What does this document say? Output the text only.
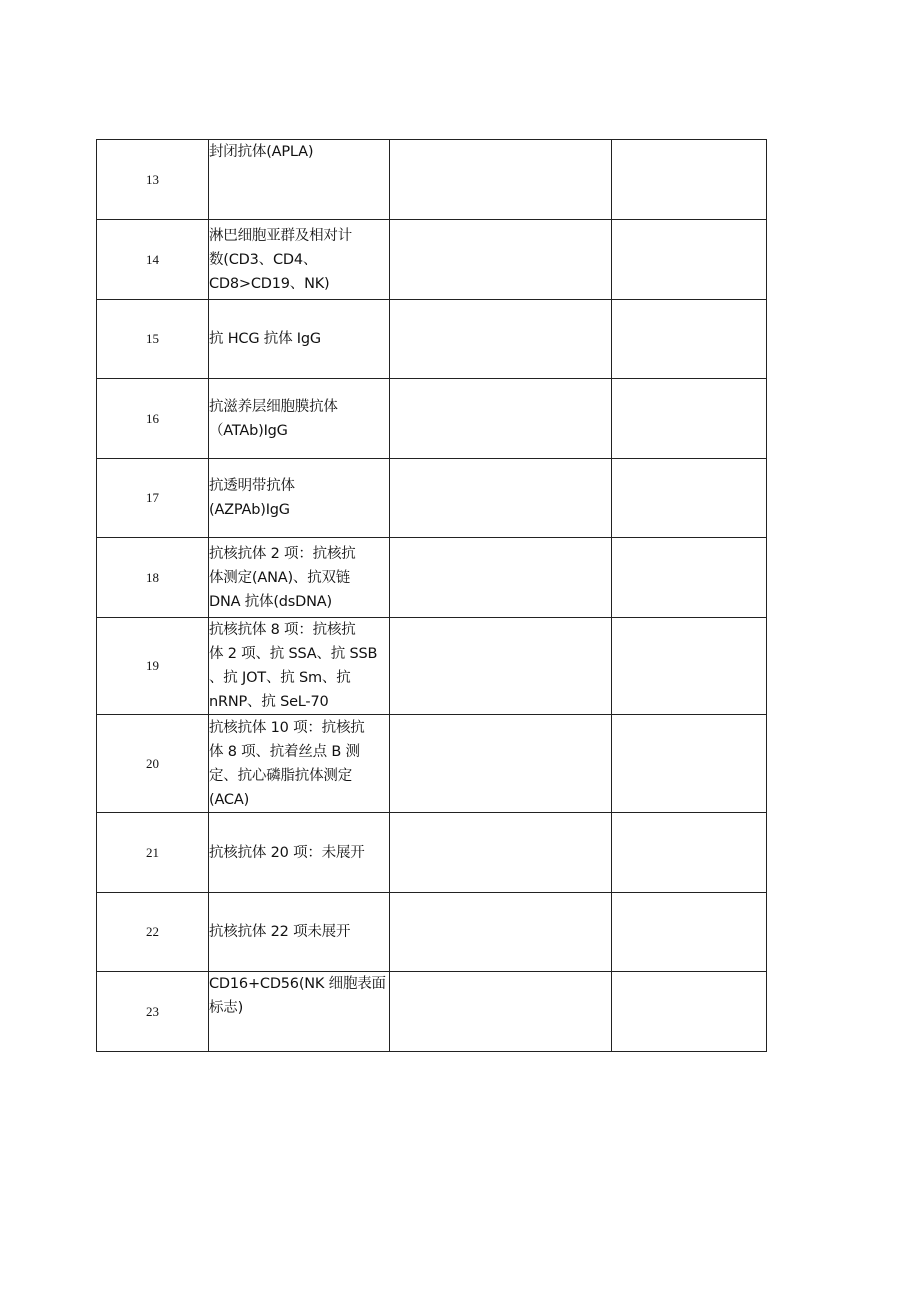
13	封闭抗体(APLA)		

14	淋巴细胞亚群及相对计
数(CD3、CD4、
CD8>CD19、NK)		

15	抗 HCG 抗体 IgG		

16	抗滋养层细胞膜抗体
（ATAb)IgG		

17	抗透明带抗体
(AZPAb)IgG		

18	抗核抗体 2 项：抗核抗
体测定(ANA)、抗双链
DNA 抗体(dsDNA)		

19	抗核抗体 8 项：抗核抗
体 2 项、抗 SSA、抗 SSB
、抗 JOT、抗 Sm、抗
nRNP、抗 SeL-70		

20	抗核抗体 10 项：抗核抗
体 8 项、抗着丝点 B 测
定、抗心磷脂抗体测定
(ACA)		

21	抗核抗体 20 项：未展开		

22	抗核抗体 22 项未展开		

23	CD16+CD56(NK 细胞表面
标志)		
